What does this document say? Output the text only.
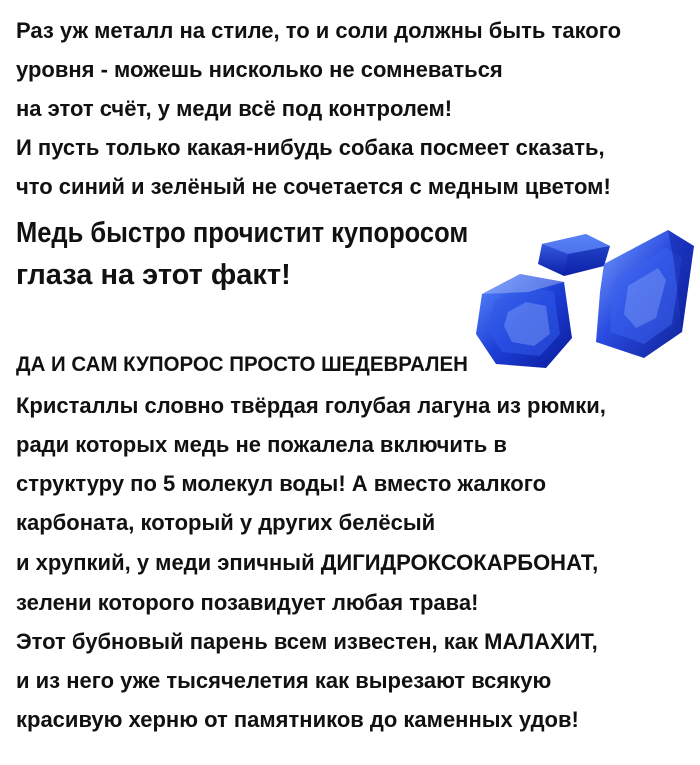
Раз уж металл на стиле, то и соли должны быть такого
уровня - можешь нисколько не сомневаться
на этот счёт, у меди всё под контролем!
И пусть только какая-нибудь собака посмеет сказать,
что синий и зелёный не сочетается с медным цветом!
Медь быстро прочистит купоросом
глаза на этот факт!
ДА И САМ КУПОРОС ПРОСТО ШЕДЕВРАЛЕН
Кристаллы словно твёрдая голубая лагуна из рюмки,
ради которых медь не пожалела включить в
структуру по 5 молекул воды! А вместо жалкого
карбоната, который у других белёсый
и хрупкий, у меди эпичный ДИГИДРОКСОКАРБОНАТ,
зелени которого позавидует любая трава!
Этот бубновый парень всем известен, как МАЛАХИТ,
и из него уже тысячелетия как вырезают всякую
красивую херню от памятников до каменных удов!
